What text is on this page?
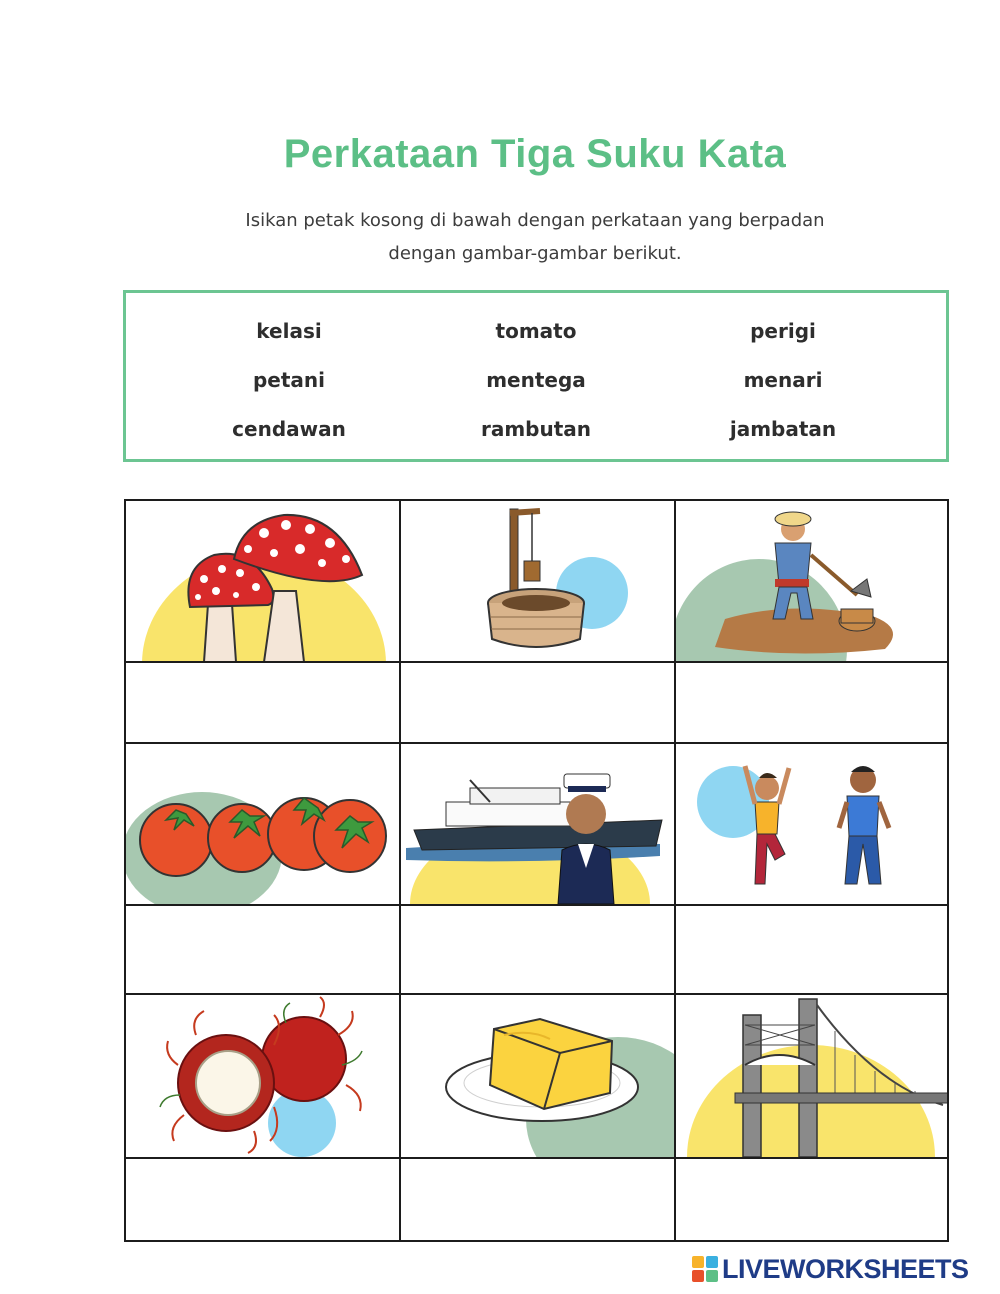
Perkataan Tiga Suku Kata
Isikan petak kosong di bawah dengan perkataan yang berpadan
dengan gambar-gambar berikut.
kelasi	tomato	perigi
petani	mentega	menari
cendawan	rambutan	jambatan
LIVEWORKSHEETS
